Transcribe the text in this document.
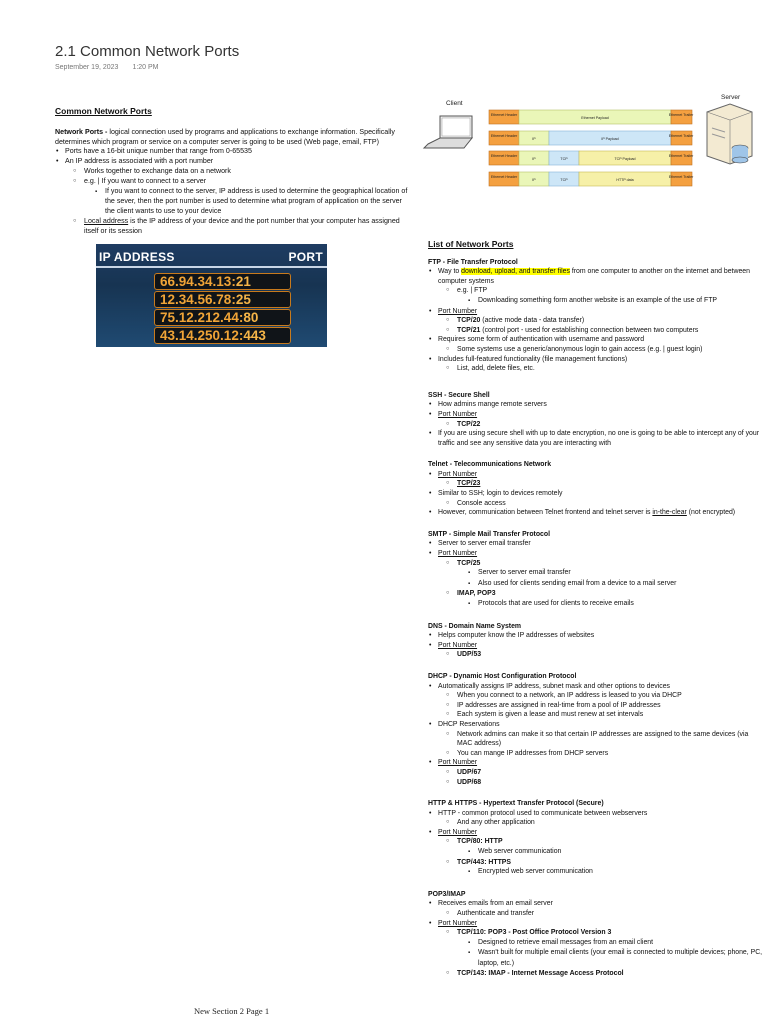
2.1 Common Network Ports
September 19, 2023 1:20 PM
Common Network Ports
Network Ports - logical connection used by programs and applications to exchange information. Specifically determines which program or service on a computer server is going to be used (Web page, email, FTP)
• Ports have a 16-bit unique number that range from 0-65535
• An IP address is associated with a port number
○ Works together to exchange data on a network
○ e.g. | If you want to connect to a server
▪ If you want to connect to the server, IP address is used to determine the geographical location of the sever, then the port number is used to determine what program of application on the server the client wants to use to your device
○ Local address is the IP address of your device and the port number that your computer has assigned itself or its session
IP ADDRESS	PORT
66.94.34.13:21
12.34.56.78:25
75.12.212.44:80
43.14.250.12:443
Client
Server
Ethernet Header
Ethernet Payload
Ethernet Trailer
Ethernet Header
IP	IP Payload
Ethernet Trailer
Ethernet Header
IP	TCP	TCP Payload
Ethernet Trailer
Ethernet Header
IP	TCP	HTTP data
Ethernet Trailer
List of Network Ports
FTP - File Transfer Protocol
• Way to download, upload, and transfer files from one computer to another on the internet and between computer systems
○ e.g. | FTP
▪ Downloading something form another website is an example of the use of FTP
• Port Number
○ TCP/20 (active mode data - data transfer)
○ TCP/21 (control port - used for establishing connection between two computers
• Requires some form of authentication with username and password
○ Some systems use a generic/anonymous login to gain access (e.g. | guest login)
• Includes full-featured functionality (file management functions)
○ List, add, delete files, etc.
SSH - Secure Shell
• How admins mange remote servers
• Port Number
○ TCP/22
• If you are using secure shell with up to date encryption, no one is going to be able to intercept any of your traffic and see any sensitive data you are interacting with
Telnet - Telecommunications Network
• Port Number
○ TCP/23
• Similar to SSH; login to devices remotely
○ Console access
• However, communication between Telnet frontend and telnet server is in-the-clear (not encrypted)
SMTP - Simple Mail Transfer Protocol
• Server to server email transfer
• Port Number
○ TCP/25
▪ Server to server email transfer
▪ Also used for clients sending email from a device to a mail server
○ IMAP, POP3
▪ Protocols that are used for clients to receive emails
DNS - Domain Name System
• Helps computer know the IP addresses of websites
• Port Number
○ UDP/53
DHCP - Dynamic Host Configuration Protocol
• Automatically assigns IP address, subnet mask and other options to devices
○ When you connect to a network, an IP address is leased to you via DHCP
○ IP addresses are assigned in real-time from a pool of IP addresses
○ Each system is given a lease and must renew at set intervals
• DHCP Reservations
○ Network admins can make it so that certain IP addresses are assigned to the same devices (via MAC address)
○ You can mange IP addresses from DHCP servers
• Port Number
○ UDP/67
○ UDP/68
HTTP & HTTPS - Hypertext Transfer Protocol (Secure)
• HTTP - common protocol used to communicate between webservers
○ And any other application
• Port Number
○ TCP/80: HTTP
▪ Web server communication
○ TCP/443: HTTPS
▪ Encrypted web server communication
POP3/IMAP
• Receives emails from an email server
○ Authenticate and transfer
• Port Number
○ TCP/110: POP3 - Post Office Protocol Version 3
▪ Designed to retrieve email messages from an email client
▪ Wasn't built for multiple email clients (your email is connected to multiple devices; phone, PC, laptop, etc.)
○ TCP/143: IMAP - Internet Message Access Protocol
New Section 2 Page 1
